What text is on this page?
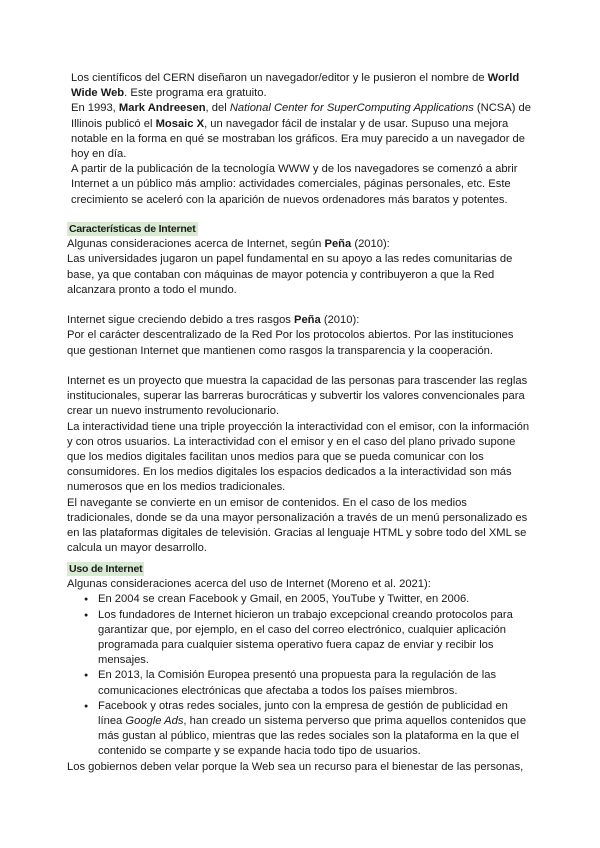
Los científicos del CERN diseñaron un navegador/editor y le pusieron el nombre de World Wide Web. Este programa era gratuito.

En 1993, Mark Andreesen, del National Center for SuperComputing Applications (NCSA) de Illinois publicó el Mosaic X, un navegador fácil de instalar y de usar. Supuso una mejora notable en la forma en qué se mostraban los gráficos. Era muy parecido a un navegador de hoy en día.

A partir de la publicación de la tecnología WWW y de los navegadores se comenzó a abrir Internet a un público más amplio: actividades comerciales, páginas personales, etc. Este crecimiento se aceleró con la aparición de nuevos ordenadores más baratos y potentes.

Características de Internet

Algunas consideraciones acerca de Internet, según Peña (2010):

Las universidades jugaron un papel fundamental en su apoyo a las redes comunitarias de base, ya que contaban con máquinas de mayor potencia y contribuyeron a que la Red alcanzara pronto a todo el mundo.

Internet sigue creciendo debido a tres rasgos Peña (2010):

Por el carácter descentralizado de la Red Por los protocolos abiertos. Por las instituciones que gestionan Internet que mantienen como rasgos la transparencia y la cooperación.

Internet es un proyecto que muestra la capacidad de las personas para trascender las reglas institucionales, superar las barreras burocráticas y subvertir los valores convencionales para crear un nuevo instrumento revolucionario.

La interactividad tiene una triple proyección la interactividad con el emisor, con la información y con otros usuarios. La interactividad con el emisor y en el caso del plano privado supone que los medios digitales facilitan unos medios para que se pueda comunicar con los consumidores. En los medios digitales los espacios dedicados a la interactividad son más numerosos que en los medios tradicionales.

El navegante se convierte en un emisor de contenidos. En el caso de los medios tradicionales, donde se da una mayor personalización a través de un menú personalizado es en las plataformas digitales de televisión. Gracias al lenguaje HTML y sobre todo del XML se calcula un mayor desarrollo.

Uso de Internet

Algunas consideraciones acerca del uso de Internet (Moreno et al. 2021):

● En 2004 se crean Facebook y Gmail, en 2005, YouTube y Twitter, en 2006.
● Los fundadores de Internet hicieron un trabajo excepcional creando protocolos para garantizar que, por ejemplo, en el caso del correo electrónico, cualquier aplicación programada para cualquier sistema operativo fuera capaz de enviar y recibir los mensajes.
● En 2013, la Comisión Europea presentó una propuesta para la regulación de las comunicaciones electrónicas que afectaba a todos los países miembros.
● Facebook y otras redes sociales, junto con la empresa de gestión de publicidad en línea Google Ads, han creado un sistema perverso que prima aquellos contenidos que más gustan al público, mientras que las redes sociales son la plataforma en la que el contenido se comparte y se expande hacia todo tipo de usuarios.

Los gobiernos deben velar porque la Web sea un recurso para el bienestar de las personas,
